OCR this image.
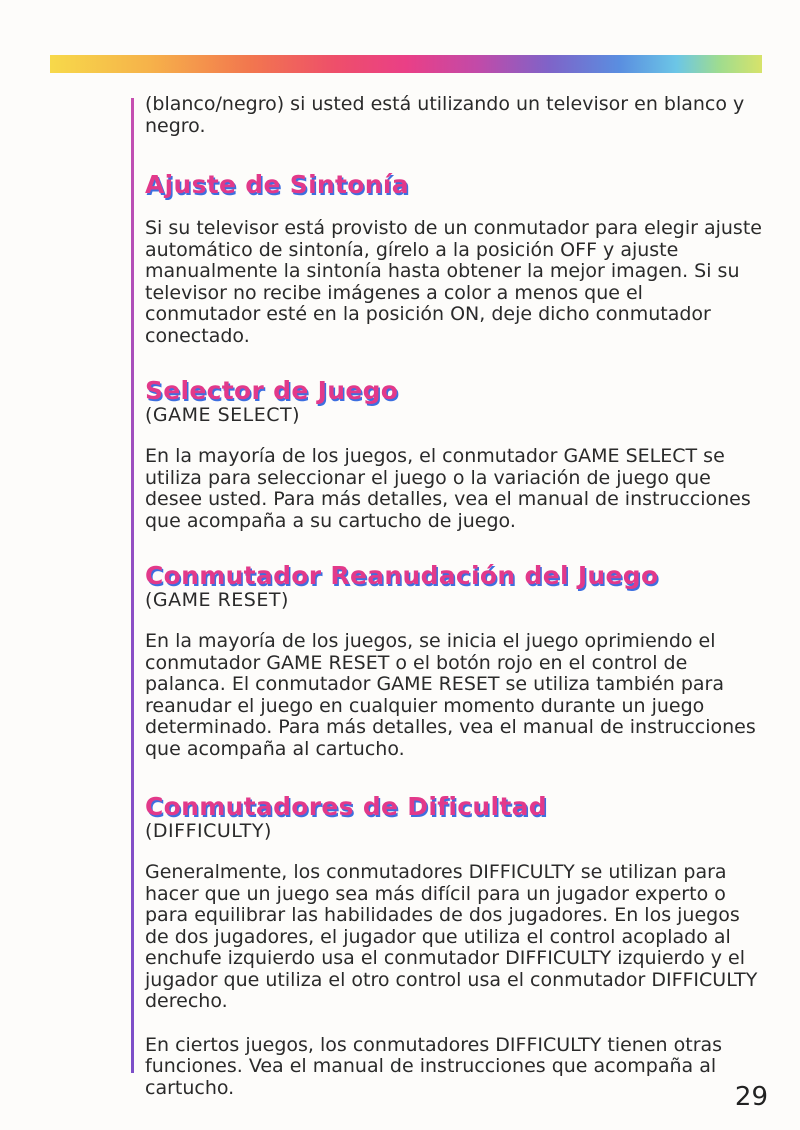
(blanco/negro) si usted está utilizando un televisor en blanco y negro.

Ajuste de Sintonía

Si su televisor está provisto de un conmutador para elegir ajuste automático de sintonía, gírelo a la posición OFF y ajuste manualmente la sintonía hasta obtener la mejor imagen. Si su televisor no recibe imágenes a color a menos que el conmutador esté en la posición ON, deje dicho conmutador conectado.

Selector de Juego
(GAME SELECT)

En la mayoría de los juegos, el conmutador GAME SELECT se utiliza para seleccionar el juego o la variación de juego que desee usted. Para más detalles, vea el manual de instrucciones que acompaña a su cartucho de juego.

Conmutador Reanudación del Juego
(GAME RESET)

En la mayoría de los juegos, se inicia el juego oprimiendo el conmutador GAME RESET o el botón rojo en el control de palanca. El conmutador GAME RESET se utiliza también para reanudar el juego en cualquier momento durante un juego determinado. Para más detalles, vea el manual de instrucciones que acompaña al cartucho.

Conmutadores de Dificultad
(DIFFICULTY)

Generalmente, los conmutadores DIFFICULTY se utilizan para hacer que un juego sea más difícil para un jugador experto o para equilibrar las habilidades de dos jugadores. En los juegos de dos jugadores, el jugador que utiliza el control acoplado al enchufe izquierdo usa el conmutador DIFFICULTY izquierdo y el jugador que utiliza el otro control usa el conmutador DIFFICULTY derecho.

En ciertos juegos, los conmutadores DIFFICULTY tienen otras funciones. Vea el manual de instrucciones que acompaña al cartucho.	29
